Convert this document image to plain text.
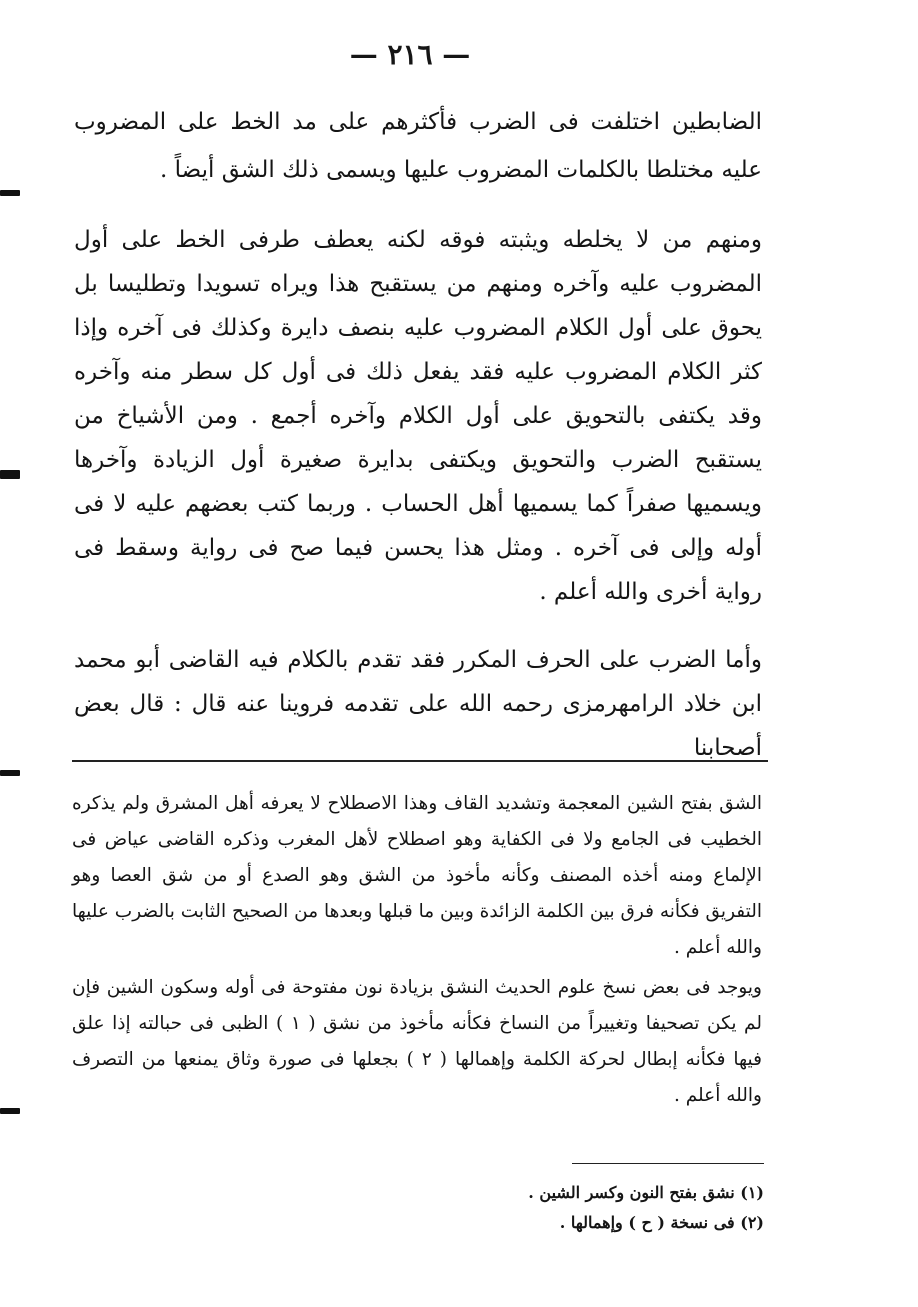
— ٢١٦ —

الضابطين اختلفت فى الضرب فأكثرهم على مد الخط على المضروب عليه مختلطا بالكلمات المضروب عليها ويسمى ذلك الشق أيضاً .

ومنهم من لا يخلطه ويثبته فوقه لكنه يعطف طرفى الخط على أول المضروب عليه وآخره ومنهم من يستقبح هذا ويراه تسويدا وتطليسا بل يحوق على أول الكلام المضروب عليه بنصف دايرة وكذلك فى آخره وإذا كثر الكلام المضروب عليه فقد يفعل ذلك فى أول كل سطر منه وآخره وقد يكتفى بالتحويق على أول الكلام وآخره أجمع . ومن الأشياخ من يستقبح الضرب والتحويق ويكتفى بدايرة صغيرة أول الزيادة وآخرها ويسميها صفراً كما يسميها أهل الحساب . وربما كتب بعضهم عليه لا فى أوله وإلى فى آخره . ومثل هذا يحسن فيما صح فى رواية وسقط فى رواية أخرى والله أعلم .

وأما الضرب على الحرف المكرر فقد تقدم بالكلام فيه القاضى أبو محمد ابن خلاد الرامهرمزى رحمه الله على تقدمه فروينا عنه قال : قال بعض أصحابنا

الشق بفتح الشين المعجمة وتشديد القاف وهذا الاصطلاح لا يعرفه أهل المشرق ولم يذكره الخطيب فى الجامع ولا فى الكفاية وهو اصطلاح لأهل المغرب وذكره القاضى عياض فى الإلماع ومنه أخذه المصنف وكأنه مأخوذ من الشق وهو الصدع أو من شق العصا وهو التفريق فكأنه فرق بين الكلمة الزائدة وبين ما قبلها وبعدها من الصحيح الثابت بالضرب عليها والله أعلم .

ويوجد فى بعض نسخ علوم الحديث النشق بزيادة نون مفتوحة فى أوله وسكون الشين فإن لم يكن تصحيفا وتغييراً من النساخ فكأنه مأخوذ من نشق ( ١ ) الظبى فى حبالته إذا علق فيها فكأنه إبطال لحركة الكلمة وإهمالها ( ٢ ) بجعلها فى صورة وثاق يمنعها من التصرف والله أعلم .

(١) نشق بفتح النون وكسر الشين .
(٢) فى نسخة ( ح ) وإهمالها .
